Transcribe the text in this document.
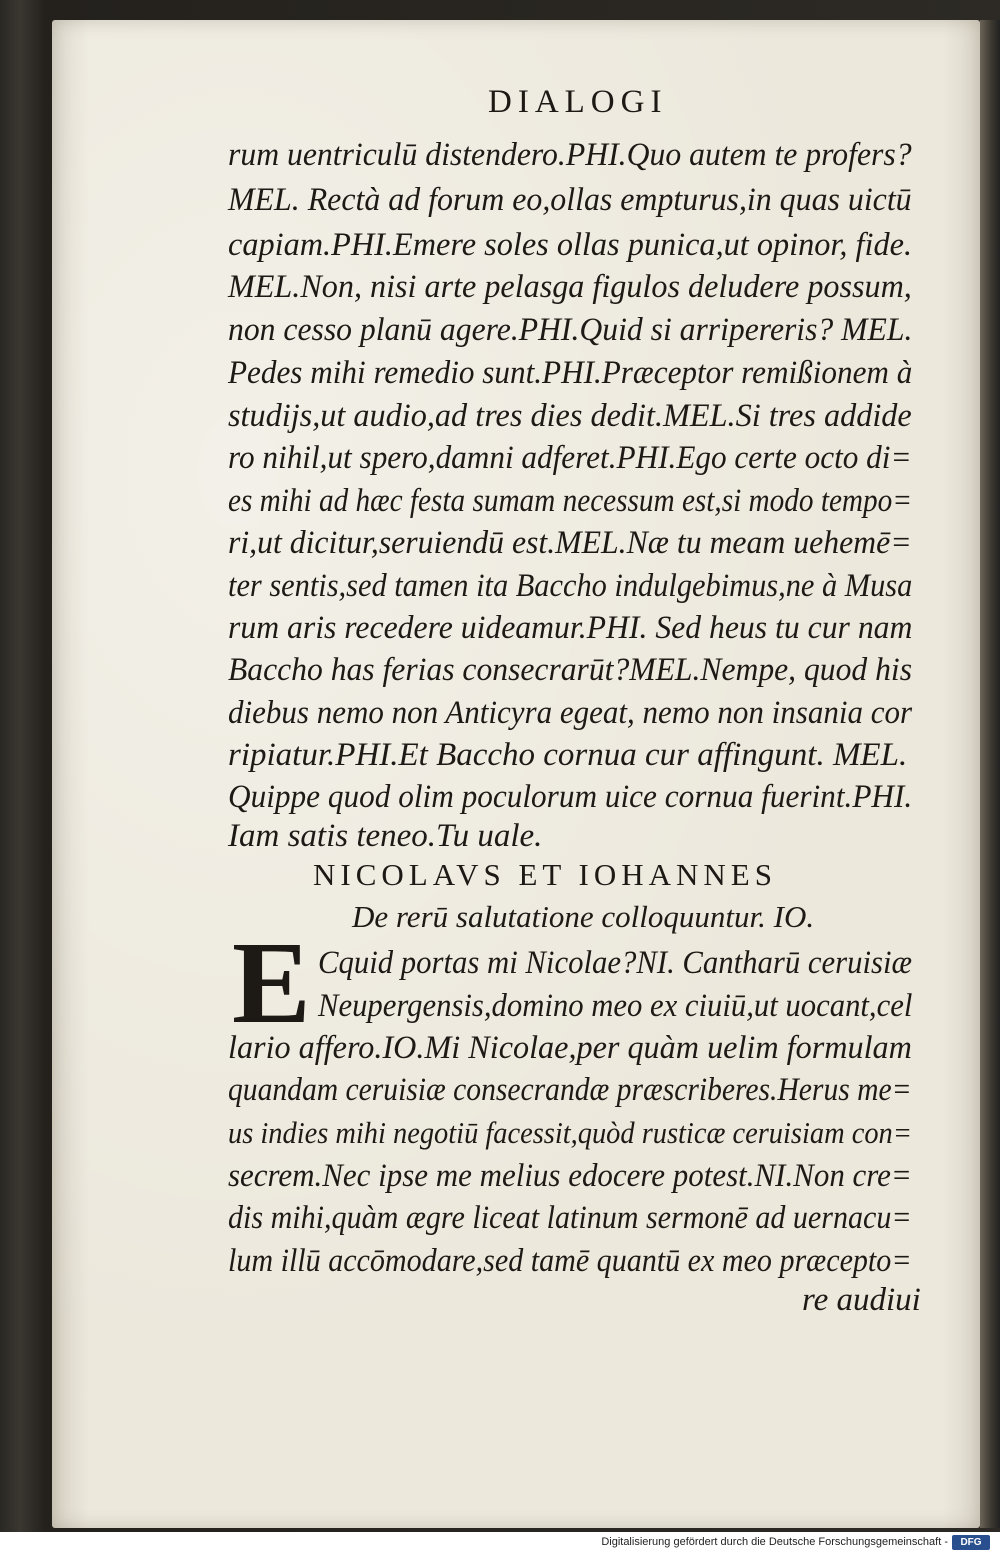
DIALOGI
rum uentriculū distendero.PHI.Quo autem te profers?
MEL. Rectà ad forum eo,ollas empturus,in quas uictū
capiam.PHI.Emere soles ollas punica,ut opinor, fide.
MEL.Non, nisi arte pelasga figulos deludere possum,
non cesso planū agere.PHI.Quid si arripereris? MEL.
Pedes mihi remedio sunt.PHI.Præceptor remißionem à
studijs,ut audio,ad tres dies dedit.MEL.Si tres addide
ro nihil,ut spero,damni adferet.PHI.Ego certe octo di=
es mihi ad hæc festa sumam necessum est,si modo tempo=
ri,ut dicitur,seruiendū est.MEL.Næ tu meam uehemē=
ter sentis,sed tamen ita Baccho indulgebimus,ne à Musa
rum aris recedere uideamur.PHI. Sed heus tu cur nam
Baccho has ferias consecrarūt?MEL.Nempe, quod his
diebus nemo non Anticyra egeat, nemo non insania cor
ripiatur.PHI.Et Baccho cornua cur affingunt. MEL.
Quippe quod olim poculorum uice cornua fuerint.PHI.
Iam satis teneo.Tu uale.
NICOLAVS ET IOHANNES
De rerū salutatione colloquuntur. IO.
E Cquid portas mi Nicolae?NI. Cantharū ceruisiæ
Neupergensis,domino meo ex ciuiū,ut uocant,cel
lario affero.IO.Mi Nicolae,per quàm uelim formulam
quandam ceruisiæ consecrandæ præscriberes.Herus me=
us indies mihi negotiū facessit,quòd rusticæ ceruisiam con=
secrem.Nec ipse me melius edocere potest.NI.Non cre=
dis mihi,quàm ægre liceat latinum sermonē ad uernacu=
lum illū accōmodare,sed tamē quantū ex meo præcepto=
re audiui
Digitalisierung gefördert durch die Deutsche Forschungsgemeinschaft -	DFG
